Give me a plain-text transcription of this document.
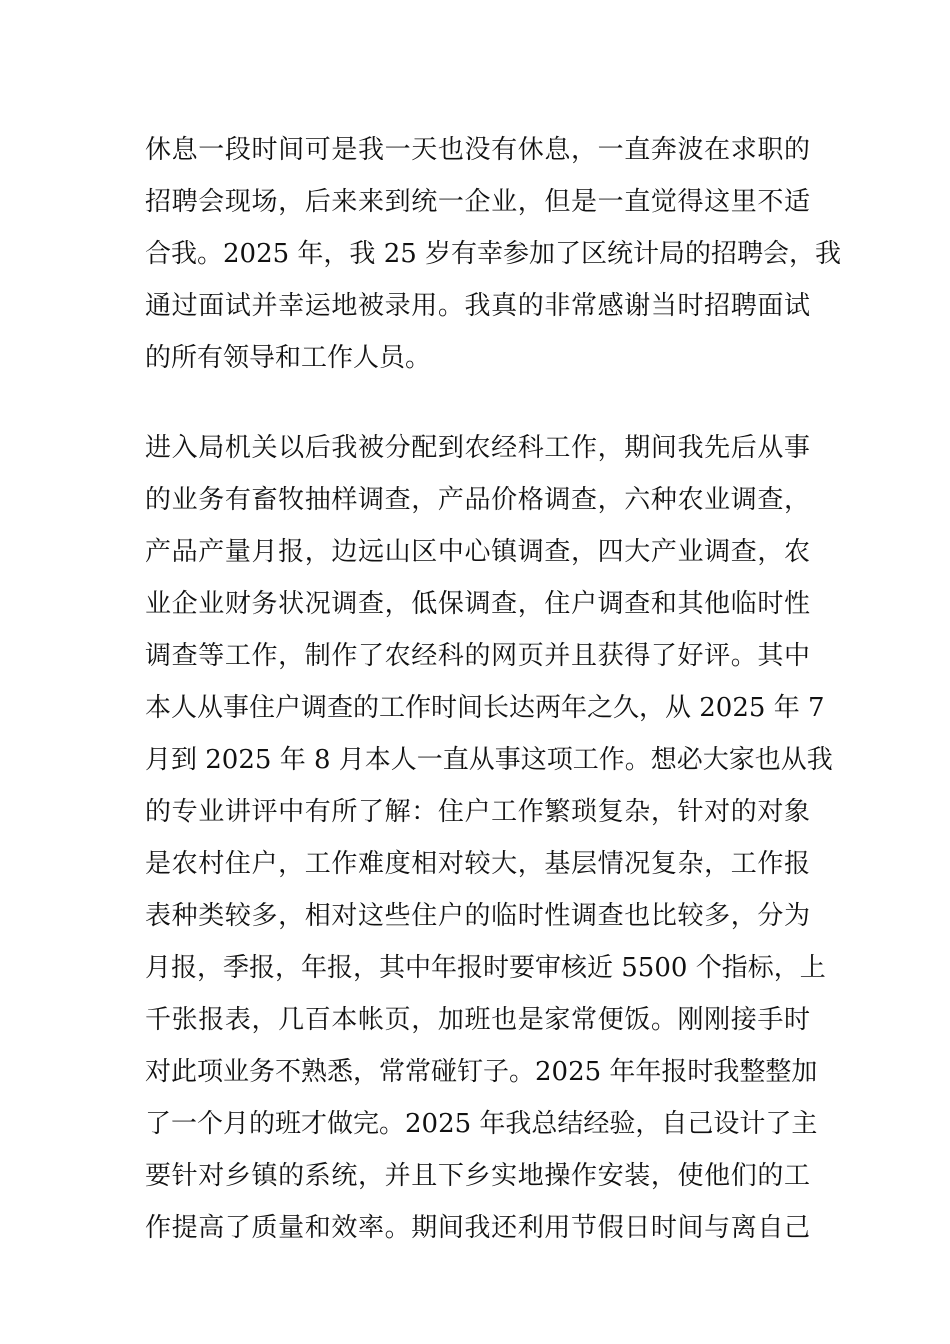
休息一段时间可是我一天也没有休息，一直奔波在求职的
招聘会现场，后来来到统一企业，但是一直觉得这里不适
合我。2025 年，我 25 岁有幸参加了区统计局的招聘会，我
通过面试并幸运地被录用。我真的非常感谢当时招聘面试
的所有领导和工作人员。
进入局机关以后我被分配到农经科工作，期间我先后从事
的业务有畜牧抽样调查，产品价格调查，六种农业调查，
产品产量月报，边远山区中心镇调查，四大产业调查，农
业企业财务状况调查，低保调查，住户调查和其他临时性
调查等工作，制作了农经科的网页并且获得了好评。其中
本人从事住户调查的工作时间长达两年之久，从 2025 年 7
月到 2025 年 8 月本人一直从事这项工作。想必大家也从我
的专业讲评中有所了解：住户工作繁琐复杂，针对的对象
是农村住户，工作难度相对较大，基层情况复杂，工作报
表种类较多，相对这些住户的临时性调查也比较多，分为
月报，季报，年报，其中年报时要审核近 5500 个指标，上
千张报表，几百本帐页，加班也是家常便饭。刚刚接手时
对此项业务不熟悉，常常碰钉子。2025 年年报时我整整加
了一个月的班才做完。2025 年我总结经验，自己设计了主
要针对乡镇的系统，并且下乡实地操作安装，使他们的工
作提高了质量和效率。期间我还利用节假日时间与离自己
